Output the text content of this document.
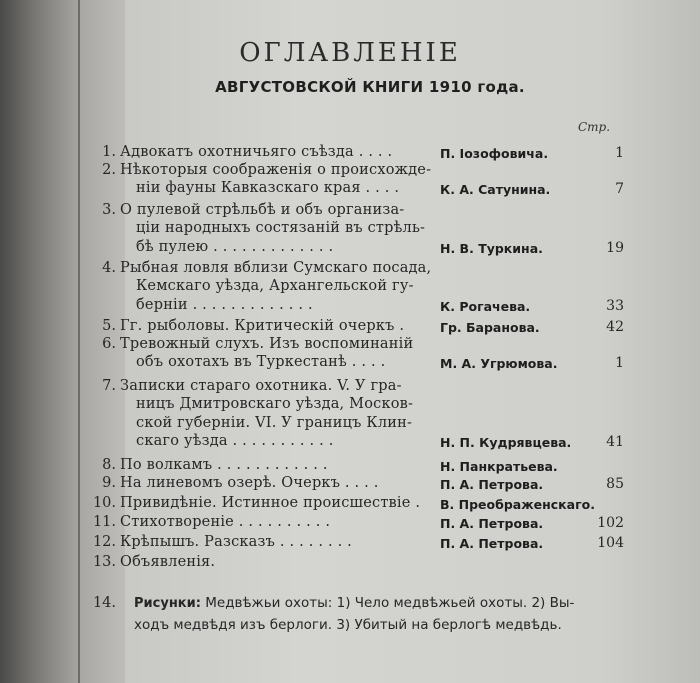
ОГЛАВЛЕНІЕ
АВГУСТОВСКОЙ КНИГИ 1910 года.
Стр.
1. Адвокатъ охотничьяго съѣзда . . . .	П. Іозофовича.	1
2. Нѣкоторыя соображенія о происхожде-
ніи фауны Кавказскаго края . . . .	К. А. Сатунина.	7
3. О пулевой стрѣльбѣ и объ организа-
ціи народныхъ состязаній въ стрѣль-
бѣ пулею . . . . . . . . . . . . .	Н. В. Туркина.	19
4. Рыбная ловля вблизи Сумскаго посада,
Кемскаго уѣзда, Архангельской гу-
берніи . . . . . . . . . . . . .	К. Рогачева.	33
5. Гг. рыболовы. Критическій очеркъ .	Гр. Баранова.	42
6. Тревожный слухъ. Изъ воспоминаній
объ охотахъ въ Туркестанѣ . . . .	М. А. Угрюмова.	1
7. Записки стараго охотника. V. У гра-
ницъ Дмитровскаго уѣзда, Москов-
ской губерніи. VI. У границъ Клин-
скаго уѣзда . . . . . . . . . . .	Н. П. Кудрявцева.	41
8. По волкамъ . . . . . . . . . . . .	Н. Панкратьева.
9. На линевомъ озерѣ. Очеркъ . . . .	П. А. Петрова.	85
10. Привидѣніе. Истинное происшествіе . В. Преображенскаго.
11. Стихотвореніе . . . . . . . . . .	П. А. Петрова.	102
12. Крѣпышъ. Разсказъ . . . . . . . .	П. А. Петрова.	104
13. Объявленія.
14. Рисунки: Медвѣжьи охоты: 1) Чело медвѣжьей охоты. 2) Вы-
ходъ медвѣдя изъ берлоги. 3) Убитый на берлогѣ медвѣдь.
